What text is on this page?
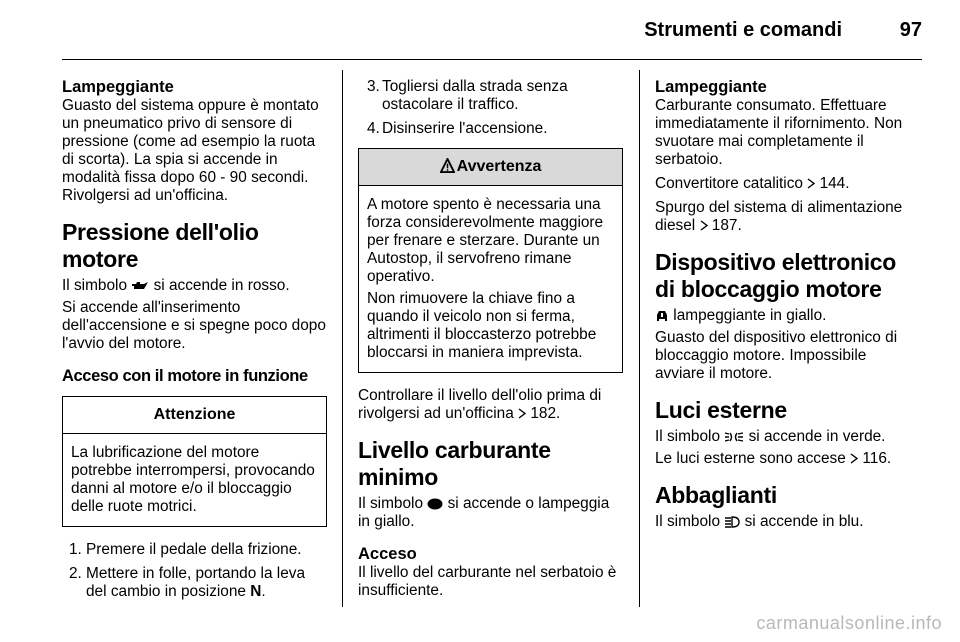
Strumenti e comandi	97
Lampeggiante

Guasto del sistema oppure è montato un pneumatico privo di sensore di pressione (come ad esempio la ruota di scorta). La spia si accende in modalità fissa dopo 60 - 90 secondi. Rivolgersi ad un'officina.

Pressione dell'olio motore

Il simbolo si accende in rosso.

Si accende all'inserimento dell'accensione e si spegne poco dopo l'avvio del motore.

Acceso con il motore in funzione
Attenzione

La lubrificazione del motore potrebbe interrompersi, provocando danni al motore e/o il bloccaggio delle ruote motrici.

1. Premere il pedale della frizione.
2. Mettere in folle, portando la leva del cambio in posizione N.
3. Togliersi dalla strada senza ostacolare il traffico.
4. Disinserire l'accensione.
Avvertenza

A motore spento è necessaria una forza considerevolmente maggiore per frenare e sterzare. Durante un Autostop, il servofreno rimane operativo.

Non rimuovere la chiave fino a quando il veicolo non si ferma, altrimenti il bloccasterzo potrebbe bloccarsi in maniera imprevista.

Controllare il livello dell'olio prima di rivolgersi ad un'officina 182.

Livello carburante minimo

Il simbolo si accende o lampeggia in giallo.

Acceso

Il livello del carburante nel serbatoio è insufficiente.

Lampeggiante

Carburante consumato. Effettuare immediatamente il rifornimento. Non svuotare mai completamente il serbatoio.

Convertitore catalitico 144.

Spurgo del sistema di alimentazione diesel 187.

Dispositivo elettronico di bloccaggio motore

lampeggiante in giallo.

Guasto del dispositivo elettronico di bloccaggio motore. Impossibile avviare il motore.

Luci esterne

Il simbolo si accende in verde.

Le luci esterne sono accese 116.

Abbaglianti

Il simbolo si accende in blu.

carmanualsonline.info
